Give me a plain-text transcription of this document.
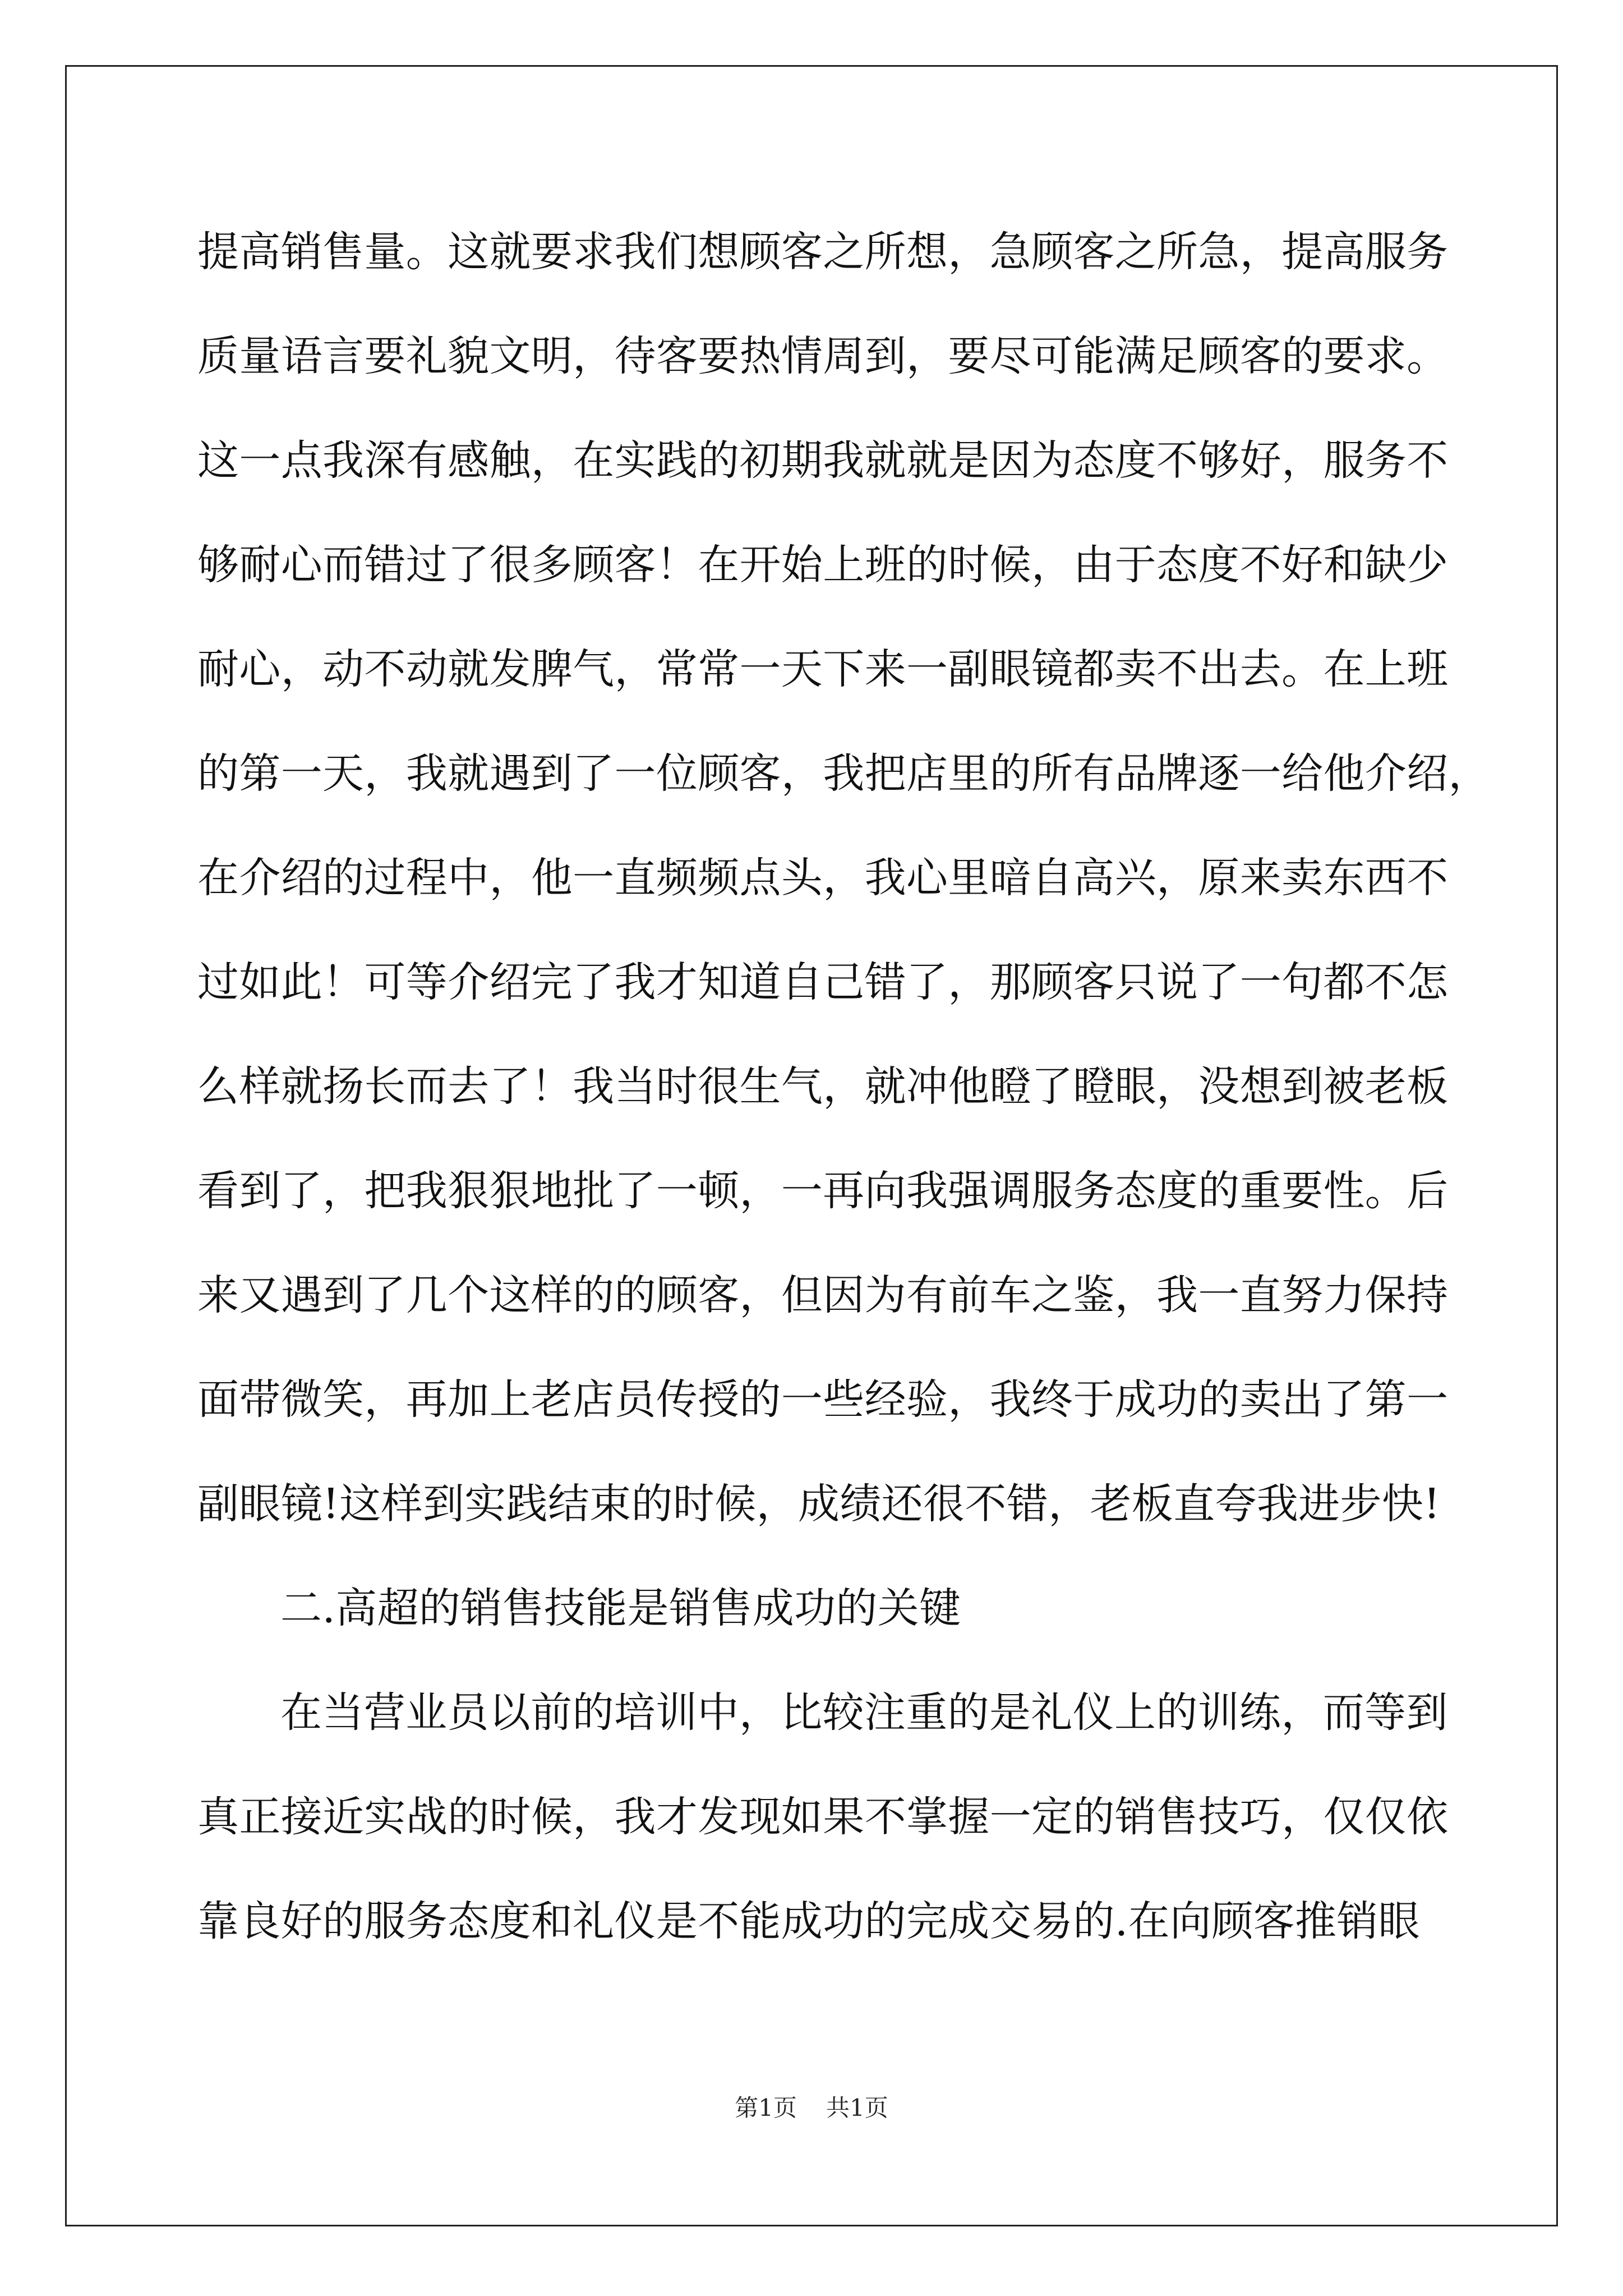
提高销售量。这就要求我们想顾客之所想，急顾客之所急，提高服务
质量语言要礼貌文明，待客要热情周到，要尽可能满足顾客的要求。
这一点我深有感触，在实践的初期我就就是因为态度不够好，服务不
够耐心而错过了很多顾客！在开始上班的时候，由于态度不好和缺少
耐心，动不动就发脾气，常常一天下来一副眼镜都卖不出去。在上班
的第一天，我就遇到了一位顾客，我把店里的所有品牌逐一给他介绍，
在介绍的过程中，他一直频频点头，我心里暗自高兴，原来卖东西不
过如此！可等介绍完了我才知道自己错了，那顾客只说了一句都不怎
么样就扬长而去了！我当时很生气，就冲他瞪了瞪眼，没想到被老板
看到了，把我狠狠地批了一顿，一再向我强调服务态度的重要性。后
来又遇到了几个这样的的顾客，但因为有前车之鉴，我一直努力保持
面带微笑，再加上老店员传授的一些经验，我终于成功的卖出了第一
副眼镜!这样到实践结束的时候，成绩还很不错，老板直夸我进步快!
二.高超的销售技能是销售成功的关键
在当营业员以前的培训中，比较注重的是礼仪上的训练，而等到
真正接近实战的时候，我才发现如果不掌握一定的销售技巧，仅仅依
靠良好的服务态度和礼仪是不能成功的完成交易的.在向顾客推销眼
第1页 共1页
